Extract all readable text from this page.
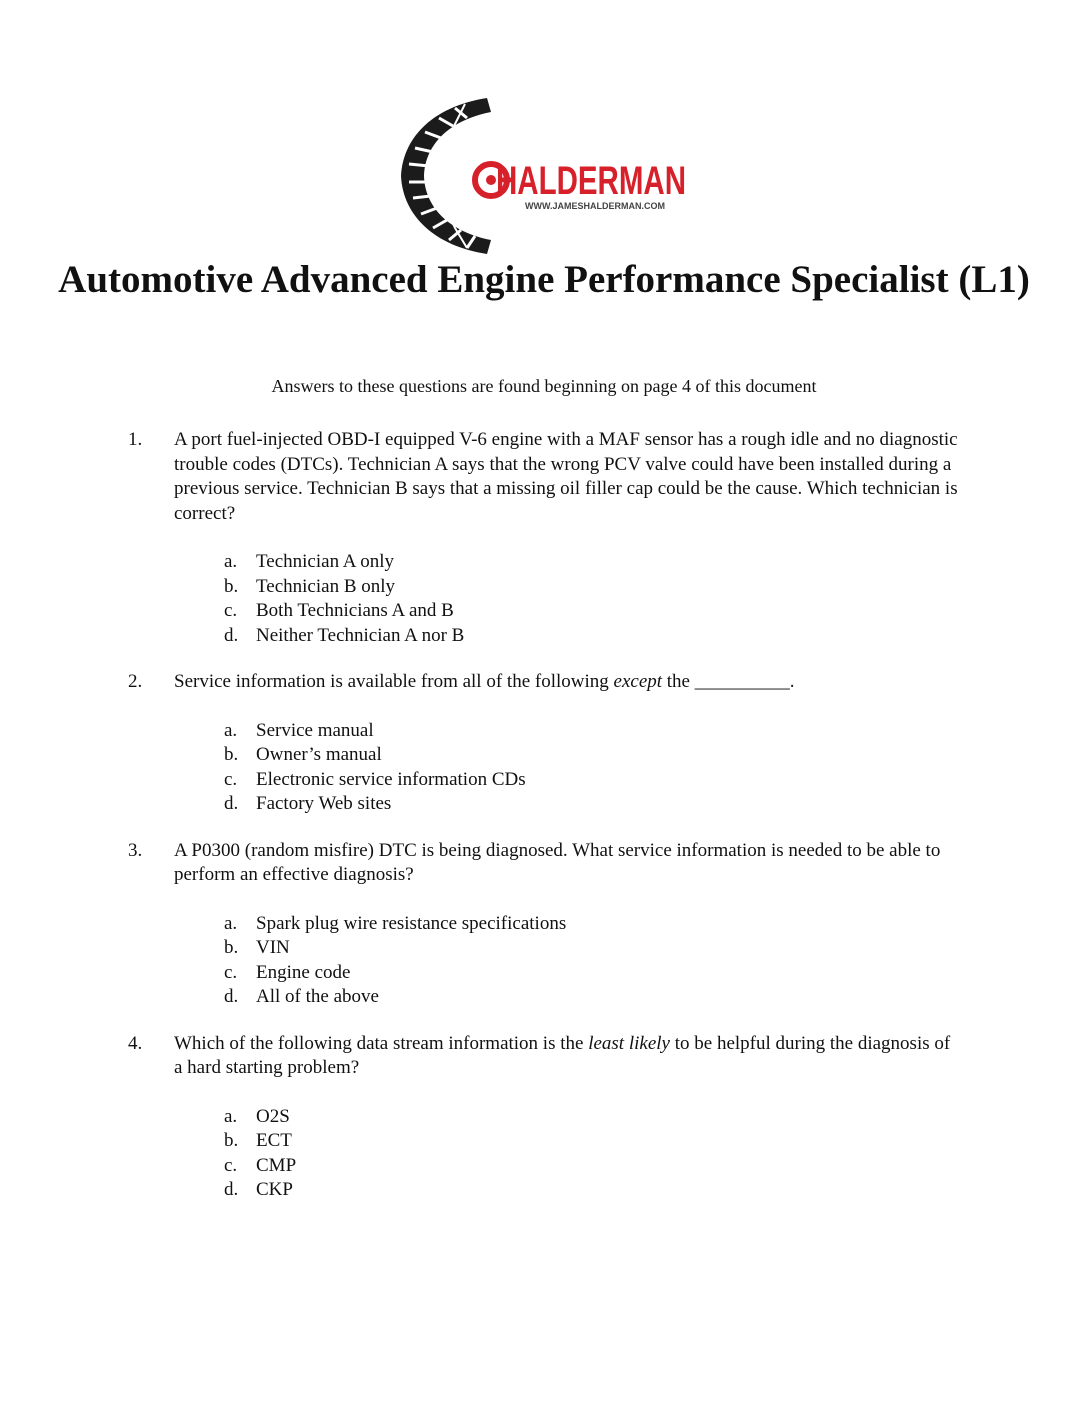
HALDERMAN
WWW.JAMESHALDERMAN.COM
Automotive Advanced Engine Performance Specialist (L1)

Answers to these questions are found beginning on page 4 of this document

1. A port fuel-injected OBD-I equipped V-6 engine with a MAF sensor has a rough idle and no diagnostic trouble codes (DTCs). Technician A says that the wrong PCV valve could have been installed during a previous service. Technician B says that a missing oil filler cap could be the cause. Which technician is correct?
a. Technician A only
b. Technician B only
c. Both Technicians A and B
d. Neither Technician A nor B
2. Service information is available from all of the following except the __________.
a. Service manual
b. Owner’s manual
c. Electronic service information CDs
d. Factory Web sites
3. A P0300 (random misfire) DTC is being diagnosed. What service information is needed to be able to perform an effective diagnosis?
a. Spark plug wire resistance specifications
b. VIN
c. Engine code
d. All of the above
4. Which of the following data stream information is the least likely to be helpful during the diagnosis of a hard starting problem?
a. O2S
b. ECT
c. CMP
d. CKP
